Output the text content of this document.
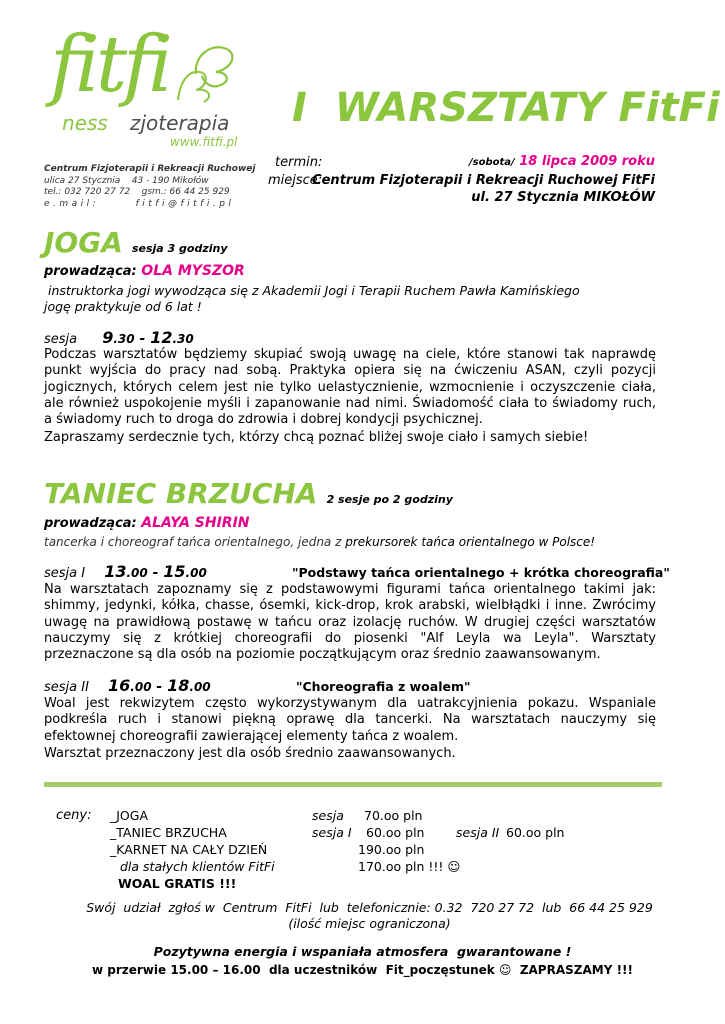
fitfi
ness zjoterapia
www.fitfi.pl
Centrum Fizjoterapii i Rekreacji Ruchowej
ulica 27 Stycznia    43 - 190 Mikołów
tel.: 032 720 27 72    gsm.: 66 44 25 929
e.mail:	fitfi@fitfi.pl
I  WARSZTATY FitFi
termin:	/sobota/ 18 lipca 2009 roku
miejsce:
Centrum Fizjoterapii i Rekreacji Ruchowej FitFi
ul. 27 Stycznia MIKOŁÓW
JOGA sesja 3 godziny
prowadząca: OLA MYSZOR
instruktorka jogi wywodząca się z Akademii Jogi i Terapii Ruchem Pawła Kamińskiego
jogę praktykuje od 6 lat !
sesja 9.30 - 12.30

Podczas warsztatów będziemy skupiać swoją uwagę na ciele, które stanowi tak naprawdę punkt wyjścia do pracy nad sobą. Praktyka opiera się na ćwiczeniu ASAN, czyli pozycji jogicznych, których celem jest nie tylko uelastycznienie, wzmocnienie i oczyszczenie ciała, ale również uspokojenie myśli i zapanowanie nad nimi. Świadomość ciała to świadomy ruch, a świadomy ruch to droga do zdrowia i dobrej kondycji psychicznej.

Zapraszamy serdecznie tych, którzy chcą poznać bliżej swoje ciało i samych siebie!

TANIEC BRZUCHA 2 sesje po 2 godziny
prowadząca: ALAYA SHIRIN
tancerka i choreograf tańca orientalnego, jedna z prekursorek tańca orientalnego w Polsce!
sesja I 13.00 - 15.00	"Podstawy tańca orientalnego + krótka choreografia"

Na warsztatach zapoznamy się z podstawowymi figurami tańca orientalnego takimi jak: shimmy, jedynki, kółka, chasse, ósemki, kick-drop, krok arabski, wielbłądki i inne. Zwrócimy uwagę na prawidłową postawę w tańcu oraz izolację ruchów. W drugiej części warsztatów nauczymy się z krótkiej choreografii do piosenki "Alf Leyla wa Leyla". Warsztaty przeznaczone są dla osób na poziomie początkującym oraz średnio zaawansowanym.

sesja II 16.00 - 18.00	"Choreografia z woalem"

Woal jest rekwizytem często wykorzystywanym dla uatrakcyjnienia pokazu. Wspaniale podkreśla ruch i stanowi piękną oprawę dla tancerki. Na warsztatach nauczymy się efektownej choreografii zawierającej elementy tańca z woalem.

Warsztat przeznaczony jest dla osób średnio zaawansowanych.

ceny: _JOGA	sesja 70.oo pln
_TANIEC BRZUCHA	sesja I 60.oo pln	sesja II 60.oo pln
_KARNET NA CAŁY DZIEŃ	190.oo pln
dla stałych klientów FitFi	170.oo pln !!! ☺
WOAL GRATIS !!!
Swój  udział  zgłoś w  Centrum  FitFi  lub  telefonicznie: 0.32  720 27 72  lub  66 44 25 929
(ilość miejsc ograniczona)
Pozytywna energia i wspaniała atmosfera  gwarantowane !
w przerwie 15.00 – 16.00  dla uczestników  Fit_poczęstunek ☺  ZAPRASZAMY !!!
